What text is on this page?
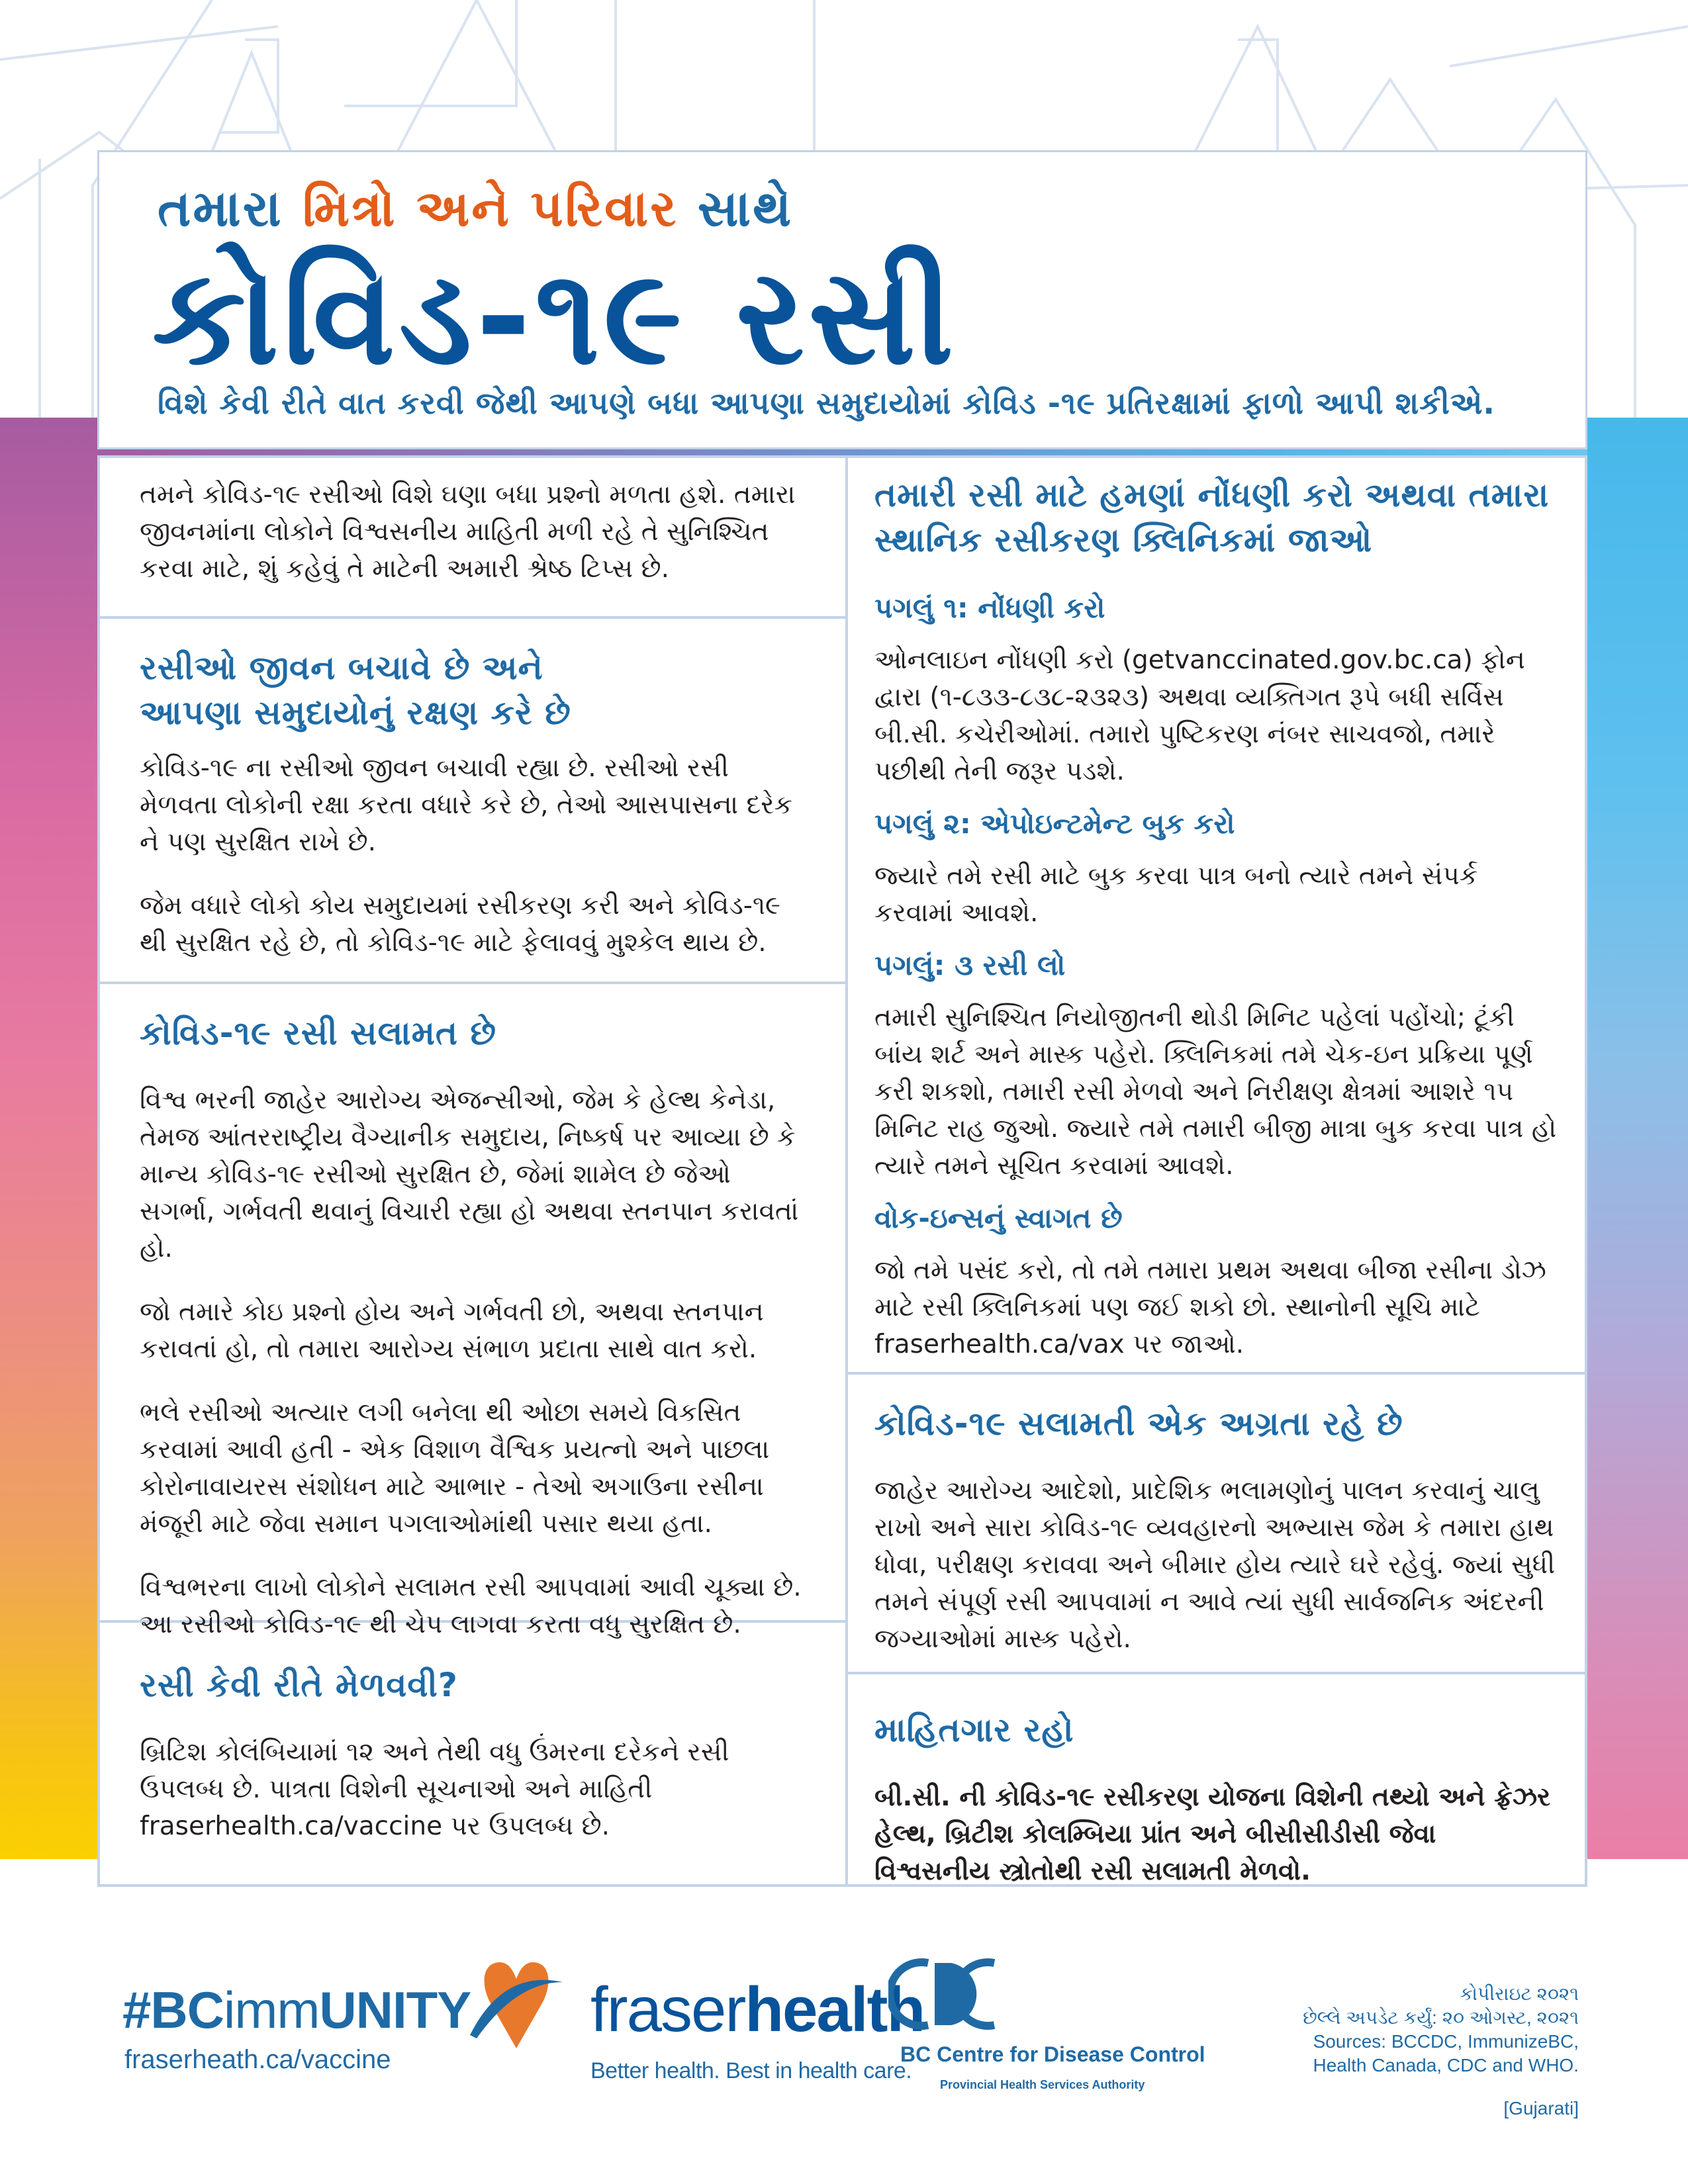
તમારા મિત્રો અને પરિવાર સાથે
કોવિડ-૧૯ રસી
વિશે કેવી રીતે વાત કરવી જેથી આપણે બધા આપણા સમુદાયોમાં કોવિડ -૧૯ પ્રતિરક્ષામાં ફાળો આપી શકીએ.

તમને કોવિડ-૧૯ રસીઓ વિશે ઘણા બધા પ્રશ્નો મળતા હશે. તમારા જીવનમાંના લોકોને વિશ્વસનીય માહિતી મળી રહે તે સુનિશ્ચિત કરવા માટે, શું કહેવું તે માટેની અમારી શ્રેષ્ઠ ટિપ્સ છે.

રસીઓ જીવન બચાવે છે અને
આપણા સમુદાયોનું રક્ષણ કરે છે

કોવિડ-૧૯ ના રસીઓ જીવન બચાવી રહ્યા છે. રસીઓ રસી મેળવતા લોકોની રક્ષા કરતા વધારે કરે છે, તેઓ આસપાસના દરેક ને પણ સુરક્ષિત રાખે છે.

જેમ વધારે લોકો કોય સમુદાયમાં રસીકરણ કરી અને કોવિડ-૧૯ થી સુરક્ષિત રહે છે, તો કોવિડ-૧૯ માટે ફેલાવવું મુશ્કેલ થાય છે.

કોવિડ-૧૯ રસી સલામત છે

વિશ્વ ભરની જાહેર આરોગ્ય એજન્સીઓ, જેમ કે હેલ્થ કેનેડા, તેમજ આંતરરાષ્ટ્રીય વૈગ્યાનીક સમુદાય, નિષ્કર્ષ પર આવ્યા છે કે માન્ય કોવિડ-૧૯ રસીઓ સુરક્ષિત છે, જેમાં શામેલ છે જેઓ સગર્ભા, ગર્ભવતી થવાનું વિચારી રહ્યા હો અથવા સ્તનપાન કરાવતાં હો.

જો તમારે કોઇ પ્રશ્નો હોય અને ગર્ભવતી છો, અથવા સ્તનપાન કરાવતાં હો, તો તમારા આરોગ્ય સંભાળ પ્રદાતા સાથે વાત કરો.

ભલે રસીઓ અત્યાર લગી બનેલા થી ઓછા સમયે વિકસિત કરવામાં આવી હતી - એક વિશાળ વૈશ્વિક પ્રયત્નો અને પાછલા કોરોનાવાયરસ સંશોધન માટે આભાર - તેઓ અગાઉના રસીના મંજૂરી માટે જેવા સમાન પગલાઓમાંથી પસાર થયા હતા.

વિશ્વભરના લાખો લોકોને સલામત રસી આપવામાં આવી ચૂક્યા છે. આ રસીઓ કોવિડ-૧૯ થી ચેપ લાગવા કરતા વધુ સુરક્ષિત છે.

રસી કેવી રીતે મેળવવી?

બ્રિટિશ કોલંબિયામાં ૧૨ અને તેથી વધુ ઉંમરના દરેકને રસી ઉપલબ્ધ છે. પાત્રતા વિશેની સૂચનાઓ અને માહિતી fraserhealth.ca/vaccine પર ઉપલબ્ધ છે.

તમારી રસી માટે હમણાં નોંધણી કરો અથવા તમારા સ્થાનિક રસીકરણ ક્લિનિકમાં જાઓ
પગલું ૧: નોંધણી કરો

ઓનલાઇન નોંધણી કરો (getvanccinated.gov.bc.ca) ફોન દ્વારા (૧-૮૩૩-૮૩૮-૨૩૨૩) અથવા વ્યક્તિગત રૂપે બધી સર્વિસ બી.સી. કચેરીઓમાં. તમારો પુષ્ટિકરણ નંબર સાચવજો, તમારે પછીથી તેની જરૂર પડશે.

પગલું ૨: એપોઇન્ટમેન્ટ બુક કરો

જ્યારે તમે રસી માટે બુક કરવા પાત્ર બનો ત્યારે તમને સંપર્ક કરવામાં આવશે.

પગલું: ૩ રસી લો

તમારી સુનિશ્ચિત નિયોજીતની થોડી મિનિટ પહેલાં પહોંચો; ટૂંકી બાંય શર્ટ અને માસ્ક પહેરો. ક્લિનિકમાં તમે ચેક-ઇન પ્રક્રિયા પૂર્ણ કરી શકશો, તમારી રસી મેળવો અને નિરીક્ષણ ક્ષેત્રમાં આશરે ૧૫ મિનિટ રાહ જુઓ. જ્યારે તમે તમારી બીજી માત્રા બુક કરવા પાત્ર હો ત્યારે તમને સૂચિત કરવામાં આવશે.

વોક-ઇન્સનું સ્વાગત છે

જો તમે પસંદ કરો, તો તમે તમારા પ્રથમ અથવા બીજા રસીના ડોઝ માટે રસી ક્લિનિકમાં પણ જઈ શકો છો. સ્થાનોની સૂચિ માટે fraserhealth.ca/vax પર જાઓ.

કોવિડ-૧૯ સલામતી એક અગ્રતા રહે છે

જાહેર આરોગ્ય આદેશો, પ્રાદેશિક ભલામણોનું પાલન કરવાનું ચાલુ રાખો અને સારા કોવિડ-૧૯ વ્યવહારનો અભ્યાસ જેમ કે તમારા હાથ ધોવા, પરીક્ષણ કરાવવા અને બીમાર હોય ત્યારે ઘરે રહેવું. જ્યાં સુધી તમને સંપૂર્ણ રસી આપવામાં ન આવે ત્યાં સુધી સાર્વજનિક અંદરની જગ્યાઓમાં માસ્ક પહેરો.

માહિતગાર રહો

બી.સી. ની કોવિડ-૧૯ રસીકરણ યોજના વિશેની તથ્યો અને ફ્રેઝર હેલ્થ, બ્રિટીશ કોલમ્બિયા પ્રાંત અને બીસીસીડીસી જેવા વિશ્વસનીય સ્ત્રોતોથી રસી સલામતી મેળવો.

#BCimmUNITY
fraserheath.ca/vaccine
fraserhealth
Better health. Best in health care.
BC Centre for Disease Control
Provincial Health Services Authority
કોપીરાઇટ ૨૦૨૧
છેલ્લે અપડેટ કર્યું: ૨૦ ઓગસ્ટ, ૨૦૨૧
Sources: BCCDC, ImmunizeBC,
Health Canada, CDC and WHO.
[Gujarati]
